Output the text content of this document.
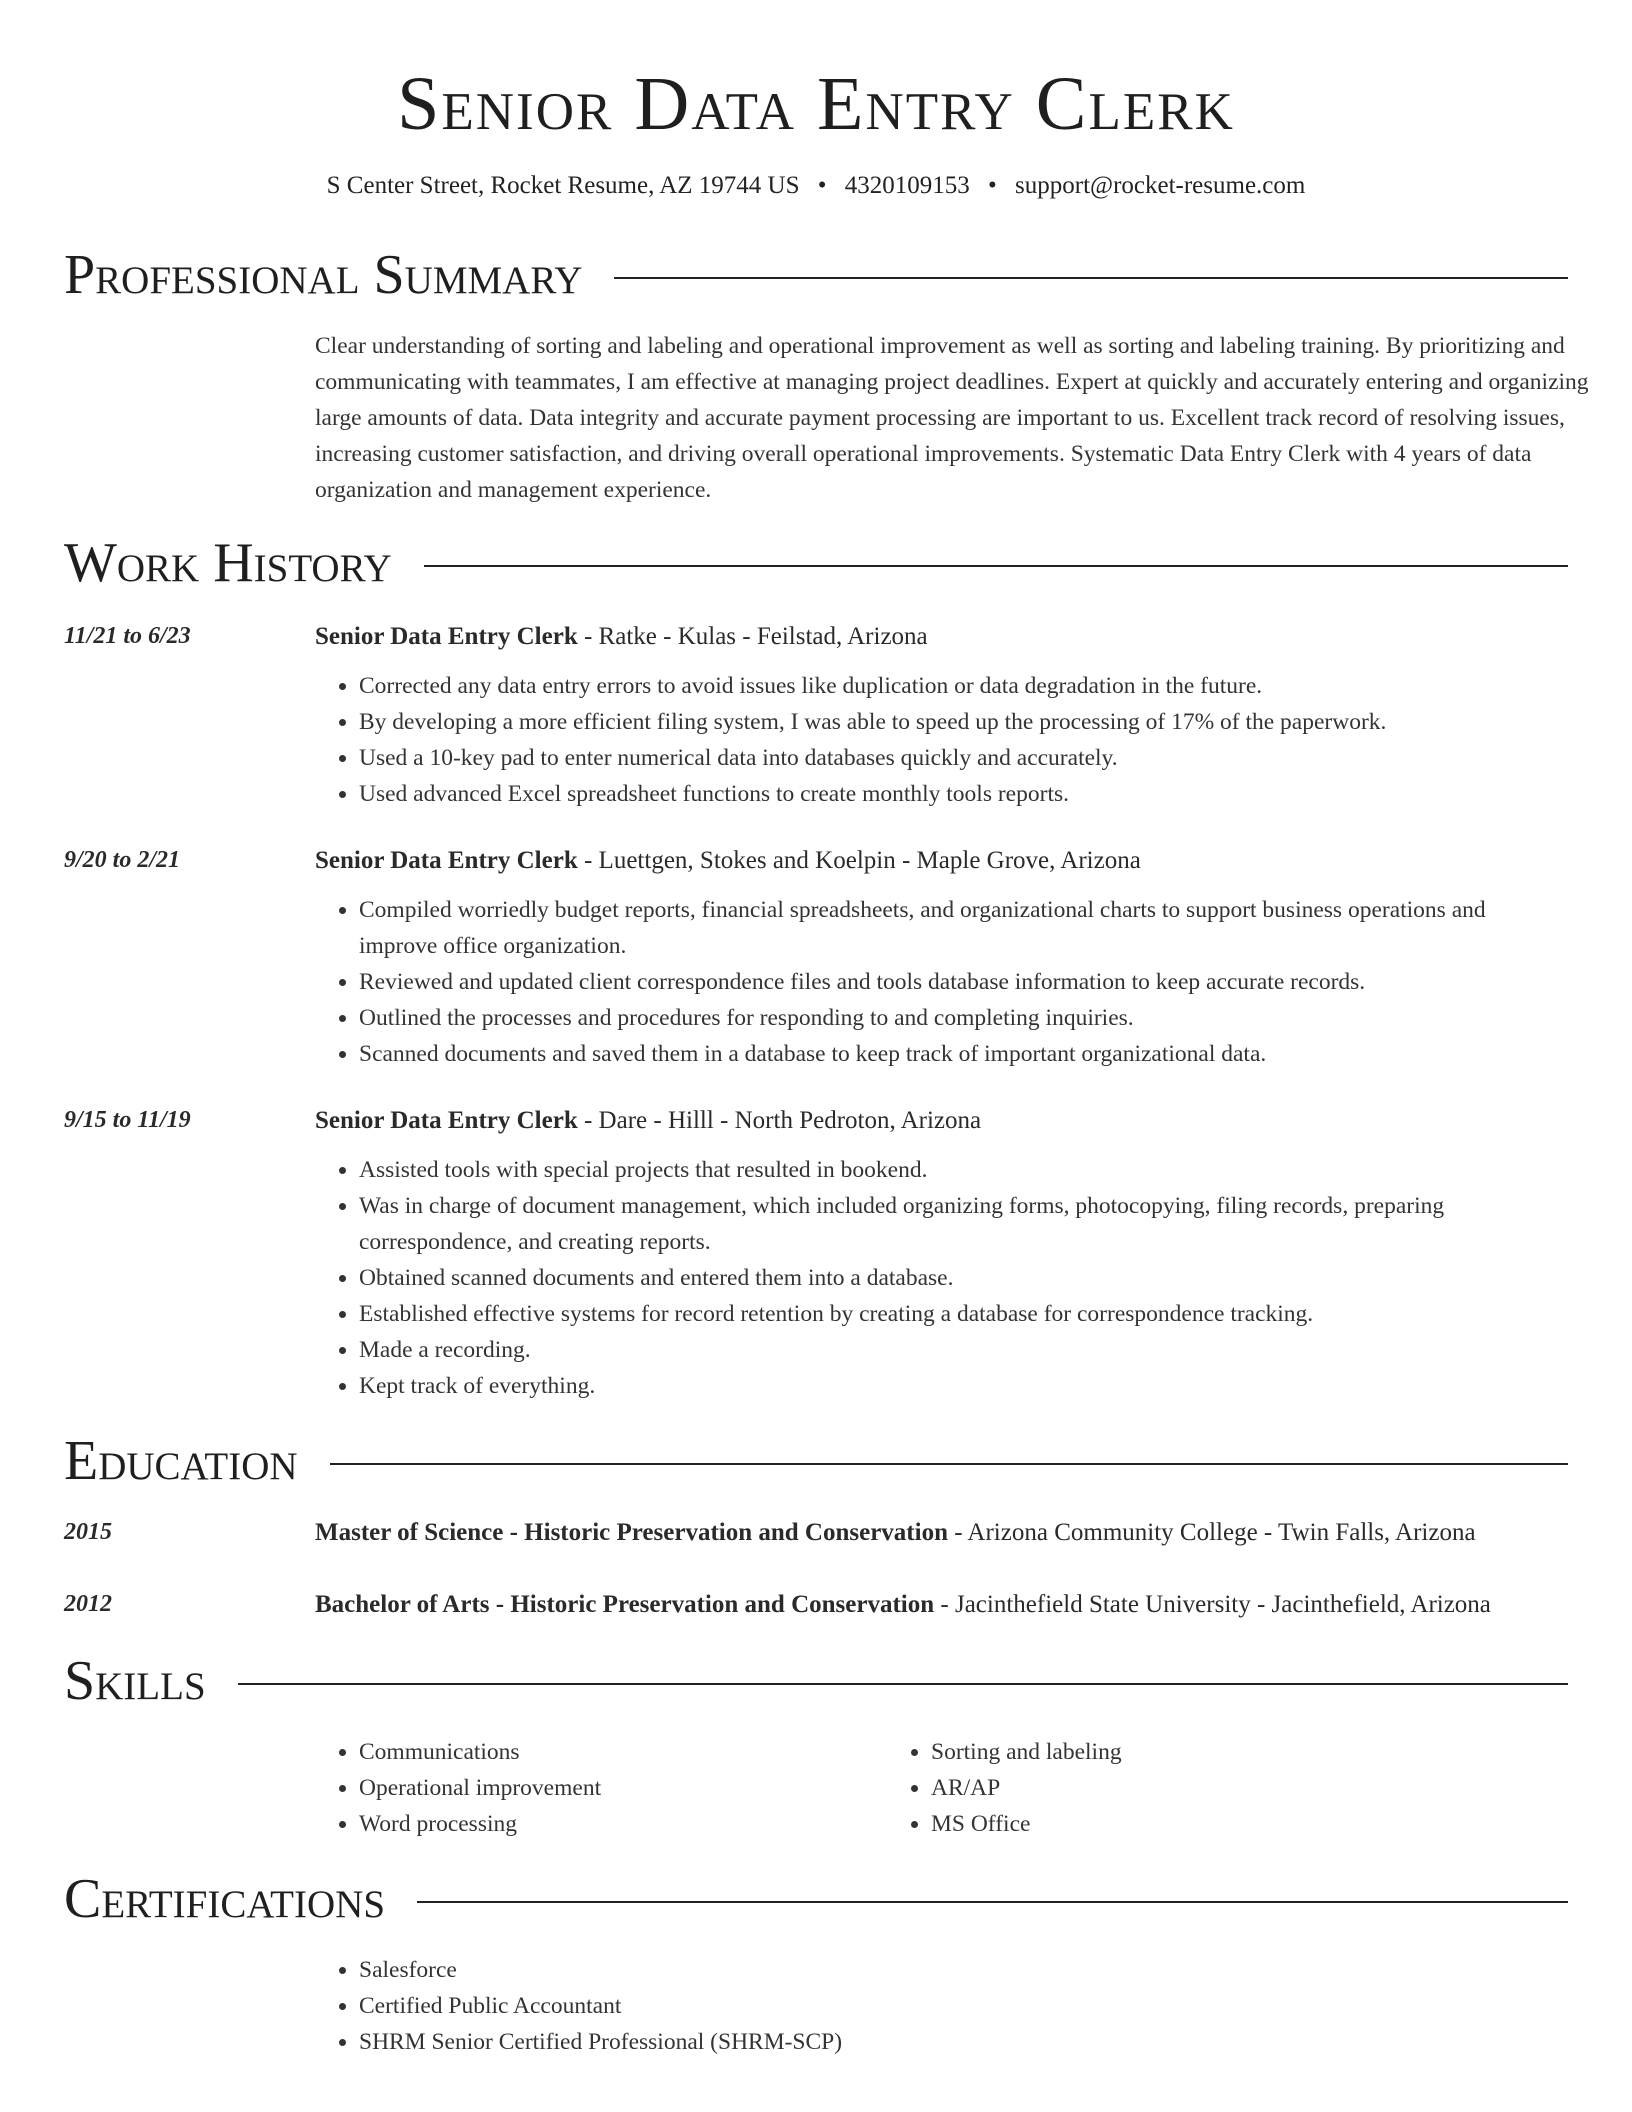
Senior Data Entry Clerk
S Center Street, Rocket Resume, AZ 19744 US • 4320109153 • support@rocket-resume.com
Professional Summary
Clear understanding of sorting and labeling and operational improvement as well as sorting and labeling training. By prioritizing and communicating with teammates, I am effective at managing project deadlines. Expert at quickly and accurately entering and organizing large amounts of data. Data integrity and accurate payment processing are important to us. Excellent track record of resolving issues, increasing customer satisfaction, and driving overall operational improvements. Systematic Data Entry Clerk with 4 years of data organization and management experience.
Work History
11/21 to 6/23	Senior Data Entry Clerk - Ratke - Kulas - Feilstad, Arizona
• Corrected any data entry errors to avoid issues like duplication or data degradation in the future.
• By developing a more efficient filing system, I was able to speed up the processing of 17% of the paperwork.
• Used a 10-key pad to enter numerical data into databases quickly and accurately.
• Used advanced Excel spreadsheet functions to create monthly tools reports.
9/20 to 2/21	Senior Data Entry Clerk - Luettgen, Stokes and Koelpin - Maple Grove, Arizona
• Compiled worriedly budget reports, financial spreadsheets, and organizational charts to support business operations and improve office organization.
• Reviewed and updated client correspondence files and tools database information to keep accurate records.
• Outlined the processes and procedures for responding to and completing inquiries.
• Scanned documents and saved them in a database to keep track of important organizational data.
9/15 to 11/19	Senior Data Entry Clerk - Dare - Hilll - North Pedroton, Arizona
• Assisted tools with special projects that resulted in bookend.
• Was in charge of document management, which included organizing forms, photocopying, filing records, preparing correspondence, and creating reports.
• Obtained scanned documents and entered them into a database.
• Established effective systems for record retention by creating a database for correspondence tracking.
• Made a recording.
• Kept track of everything.
Education
2015	Master of Science - Historic Preservation and Conservation - Arizona Community College - Twin Falls, Arizona
2012	Bachelor of Arts - Historic Preservation and Conservation - Jacinthefield State University - Jacinthefield, Arizona
Skills
• Communications
• Operational improvement
• Word processing
• Sorting and labeling
• AR/AP
• MS Office
Certifications
• Salesforce
• Certified Public Accountant
• SHRM Senior Certified Professional (SHRM-SCP)
